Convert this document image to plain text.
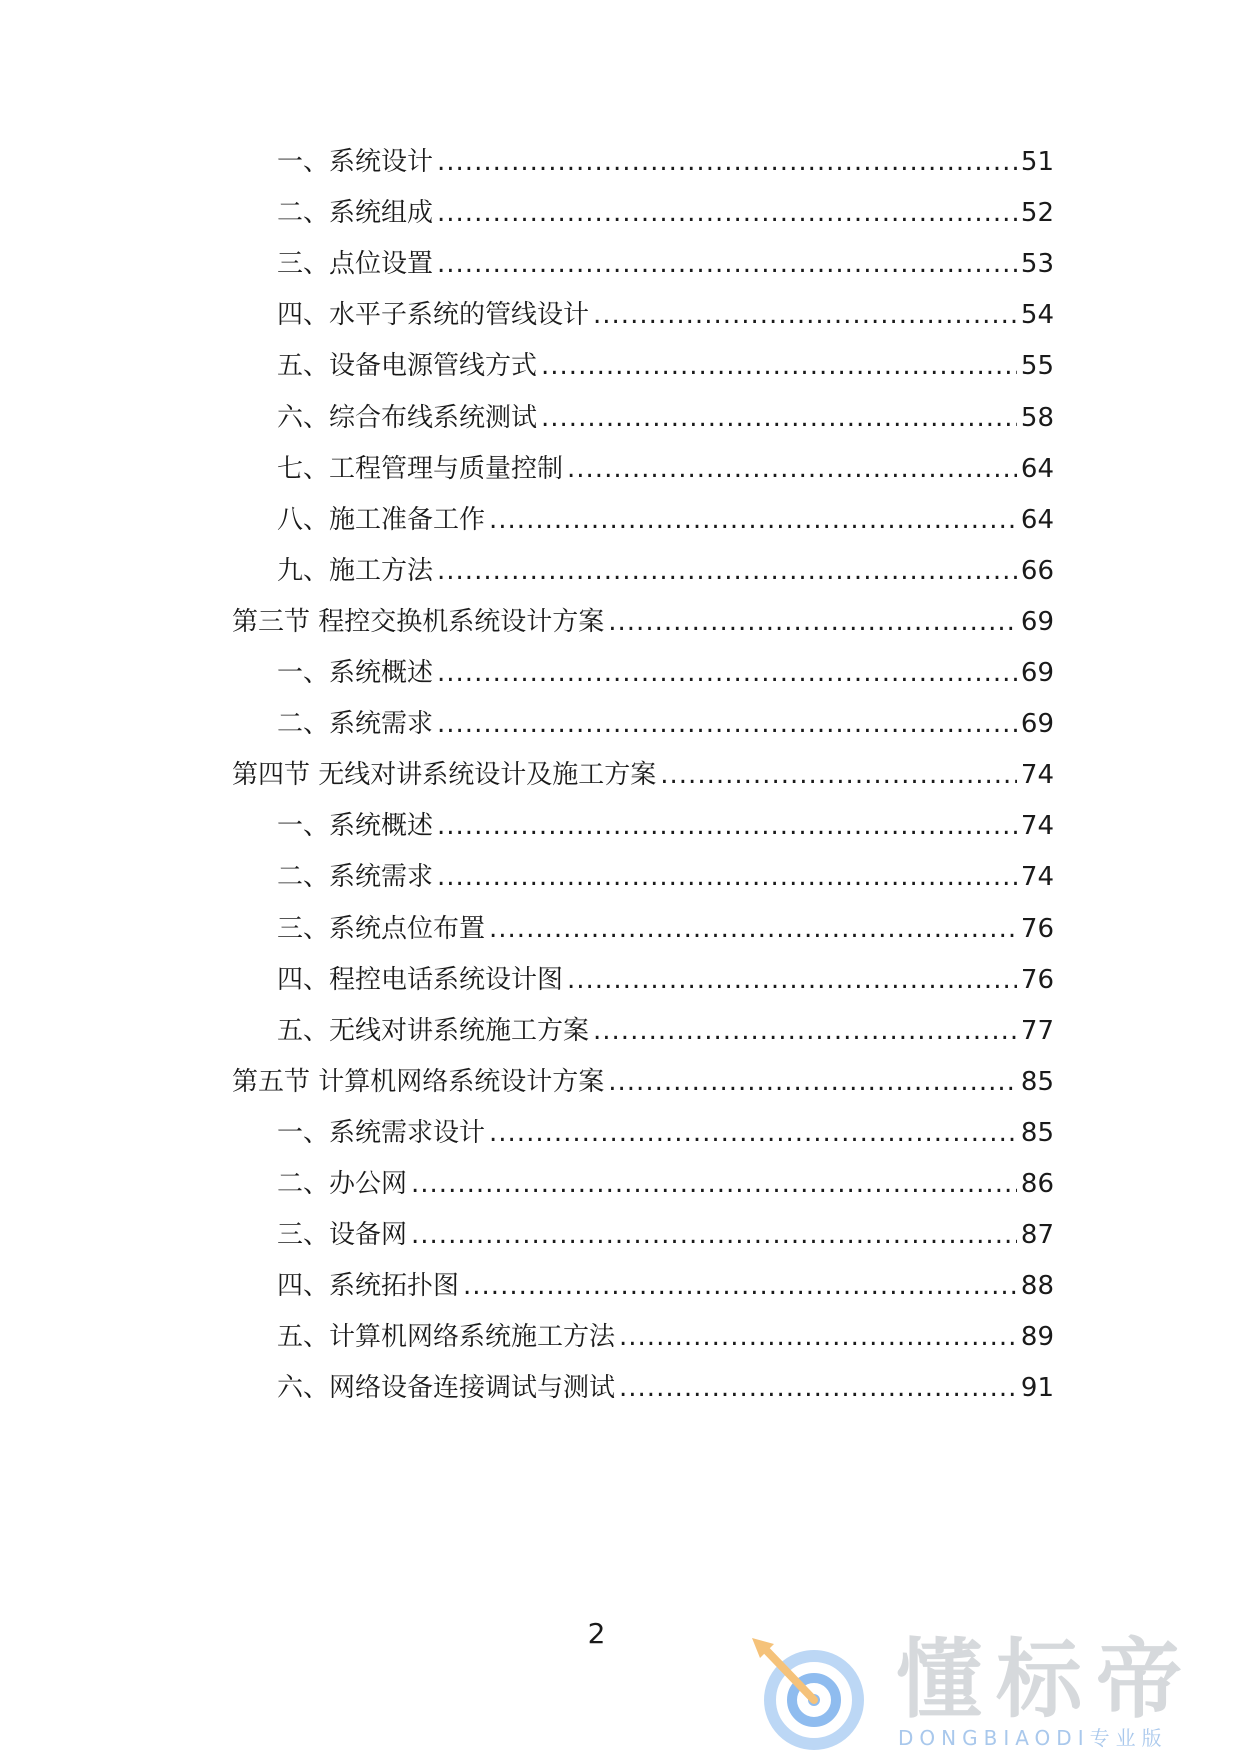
一、系统设计 .....	51
二、系统组成 .....	52
三、点位设置 .....	53
四、水平子系统的管线设计 .....	54
五、设备电源管线方式 .....	55
六、综合布线系统测试 .....	58
七、工程管理与质量控制 .....	64
八、施工准备工作 .....	64
九、施工方法 .....	66
第三节 程控交换机系统设计方案 .....	69
一、系统概述 .....	69
二、系统需求 .....	69
第四节 无线对讲系统设计及施工方案 .....	74
一、系统概述 .....	74
二、系统需求 .....	74
三、系统点位布置 .....	76
四、程控电话系统设计图 .....	76
五、无线对讲系统施工方案 .....	77
第五节 计算机网络系统设计方案 .....	85
一、系统需求设计 .....	85
二、办公网 .....	86
三、设备网 .....	87
四、系统拓扑图 .....	88
五、计算机网络系统施工方法 .....	89
六、网络设备连接调试与测试 .....	91
2	懂标帝
DONGBIAODI专业版
